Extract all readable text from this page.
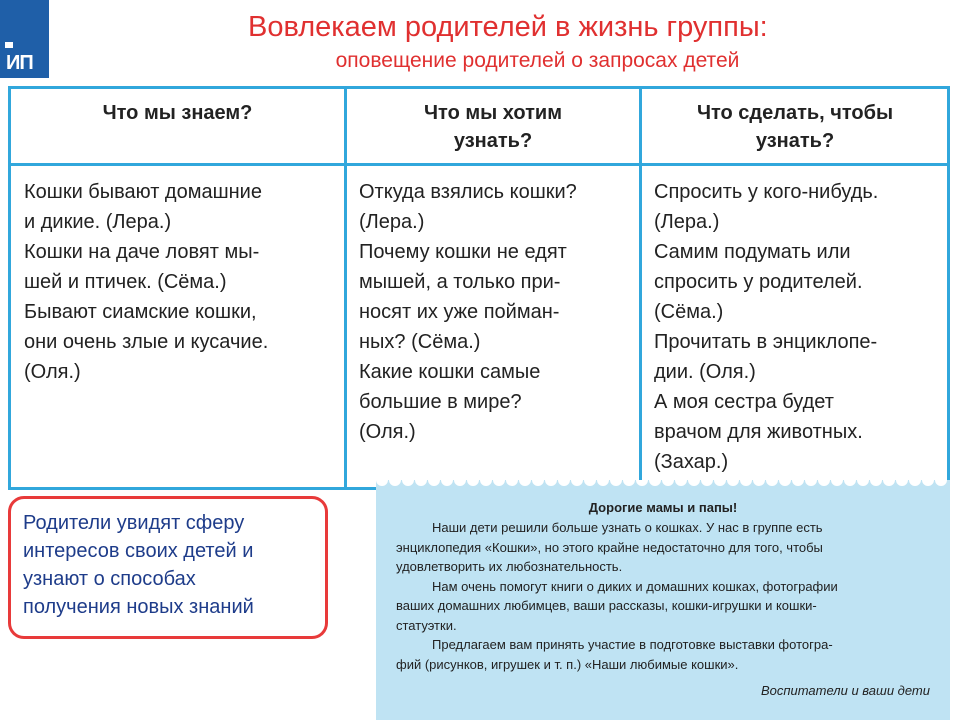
ИП
Вовлекаем родителей в жизнь группы:
оповещение родителей о запросах детей
Что мы знаем?	Что мы хотим
узнать?
Что сделать, чтобы
узнать?
Кошки бывают домашние
и дикие. (Лера.)
Кошки на даче ловят мы-
шей и птичек. (Сёма.)
Бывают сиамские кошки,
они очень злые и кусачие.
(Оля.)
Откуда взялись кошки?
(Лера.)
Почему кошки не едят
мышей, а только при-
носят их уже поймaн-
ных? (Сёма.)
Какие кошки самые
большие в мире?
(Оля.)
Спросить у кого-нибудь.
(Лера.)
Самим подумать или
спросить у родителей.
(Сёма.)
Прочитать в энциклопе-
дии. (Оля.)
А моя сестра будет
врачом для животных.
(Захар.)
Родители увидят сферу
интересов своих детей и
узнают о способах
получения новых знаний
Дорогие мамы и папы!
Наши дети решили больше узнать о кошках. У нас в группе есть
энциклопедия «Кошки», но этого крайне недостаточно для того, чтобы
удовлетворить их любознательность.
Нам очень помогут книги о диких и домашних кошках, фотографии
ваших домашних любимцев, ваши рассказы, кошки-игрушки и кошки-
статуэтки.
Предлагаем вам принять участие в подготовке выставки фотогра-
фий (рисунков, игрушек и т. п.) «Наши любимые кошки».
Воспитатели и ваши дети
